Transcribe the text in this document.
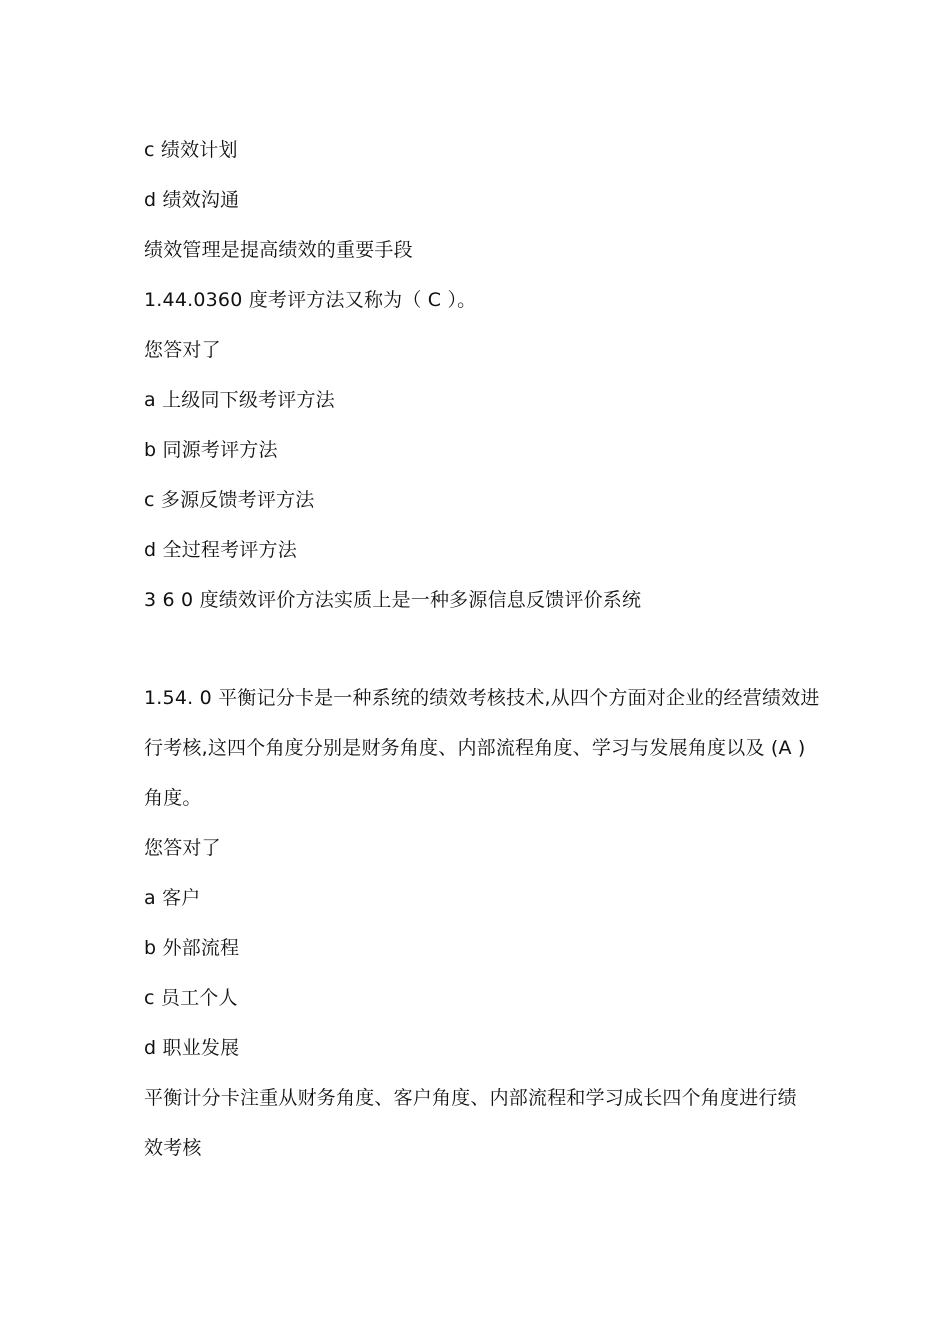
c 绩效计划
d 绩效沟通
绩效管理是提高绩效的重要手段
1.44.0360 度考评方法又称为（ C ）。
您答对了
a 上级同下级考评方法
b 同源考评方法
c 多源反馈考评方法
d 全过程考评方法
3 6 0 度绩效评价方法实质上是一种多源信息反馈评价系统
1.54. 0 平衡记分卡是一种系统的绩效考核技术,从四个方面对企业的经营绩效进
行考核,这四个角度分别是财务角度、内部流程角度、学习与发展角度以及 (A )
角度。
您答对了
a 客户
b 外部流程
c 员工个人
d 职业发展
平衡计分卡注重从财务角度、客户角度、内部流程和学习成长四个角度进行绩
效考核
